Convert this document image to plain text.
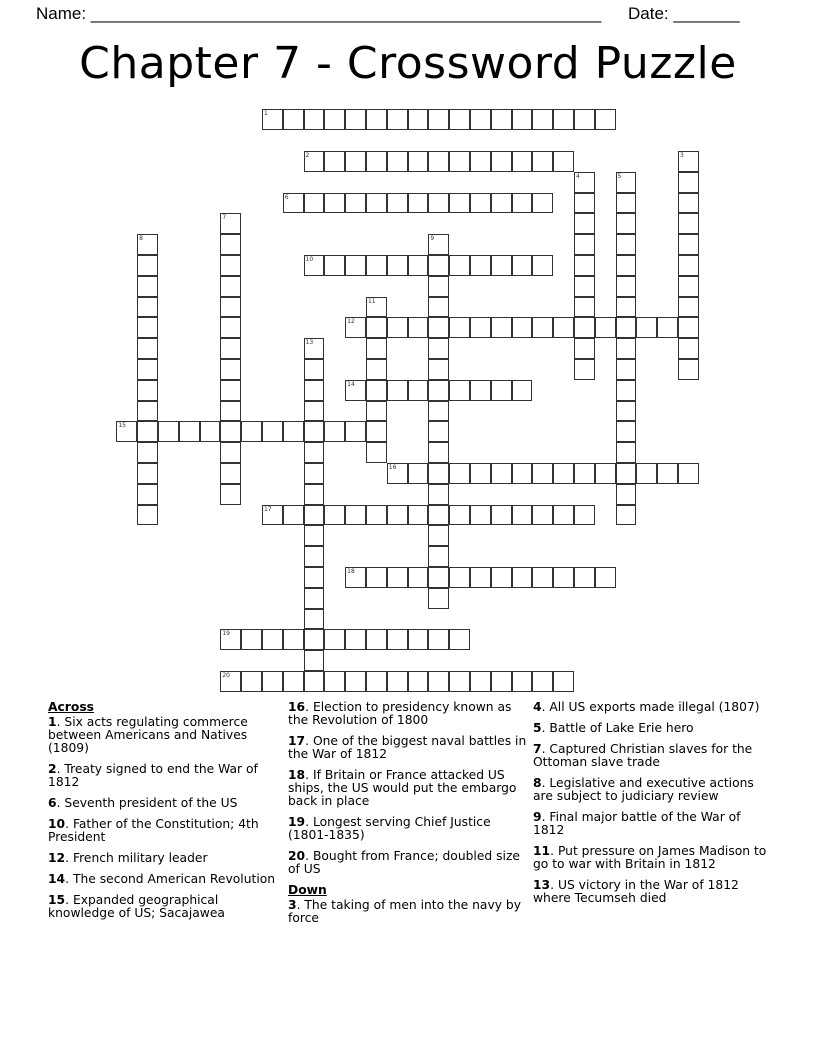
Name: ______________________________________________________ Date: _______
Chapter 7 - Crossword Puzzle
1
2	3
4	5
6
7
8	9
10
11
12
13
14
15
16
17
18
19
20
Across
1. Six acts regulating commerce between Americans and Natives (1809)
2. Treaty signed to end the War of 1812
6. Seventh president of the US
10. Father of the Constitution; 4th President
12. French military leader
14. The second American Revolution
15. Expanded geographical knowledge of US; Sacajawea
16. Election to presidency known as the Revolution of 1800
17. One of the biggest naval battles in the War of 1812
18. If Britain or France attacked US ships, the US would put the embargo back in place
19. Longest serving Chief Justice (1801-1835)
20. Bought from France; doubled size of US
Down
3. The taking of men into the navy by force
4. All US exports made illegal (1807)
5. Battle of Lake Erie hero
7. Captured Christian slaves for the Ottoman slave trade
8. Legislative and executive actions are subject to judiciary review
9. Final major battle of the War of 1812
11. Put pressure on James Madison to go to war with Britain in 1812
13. US victory in the War of 1812 where Tecumseh died
